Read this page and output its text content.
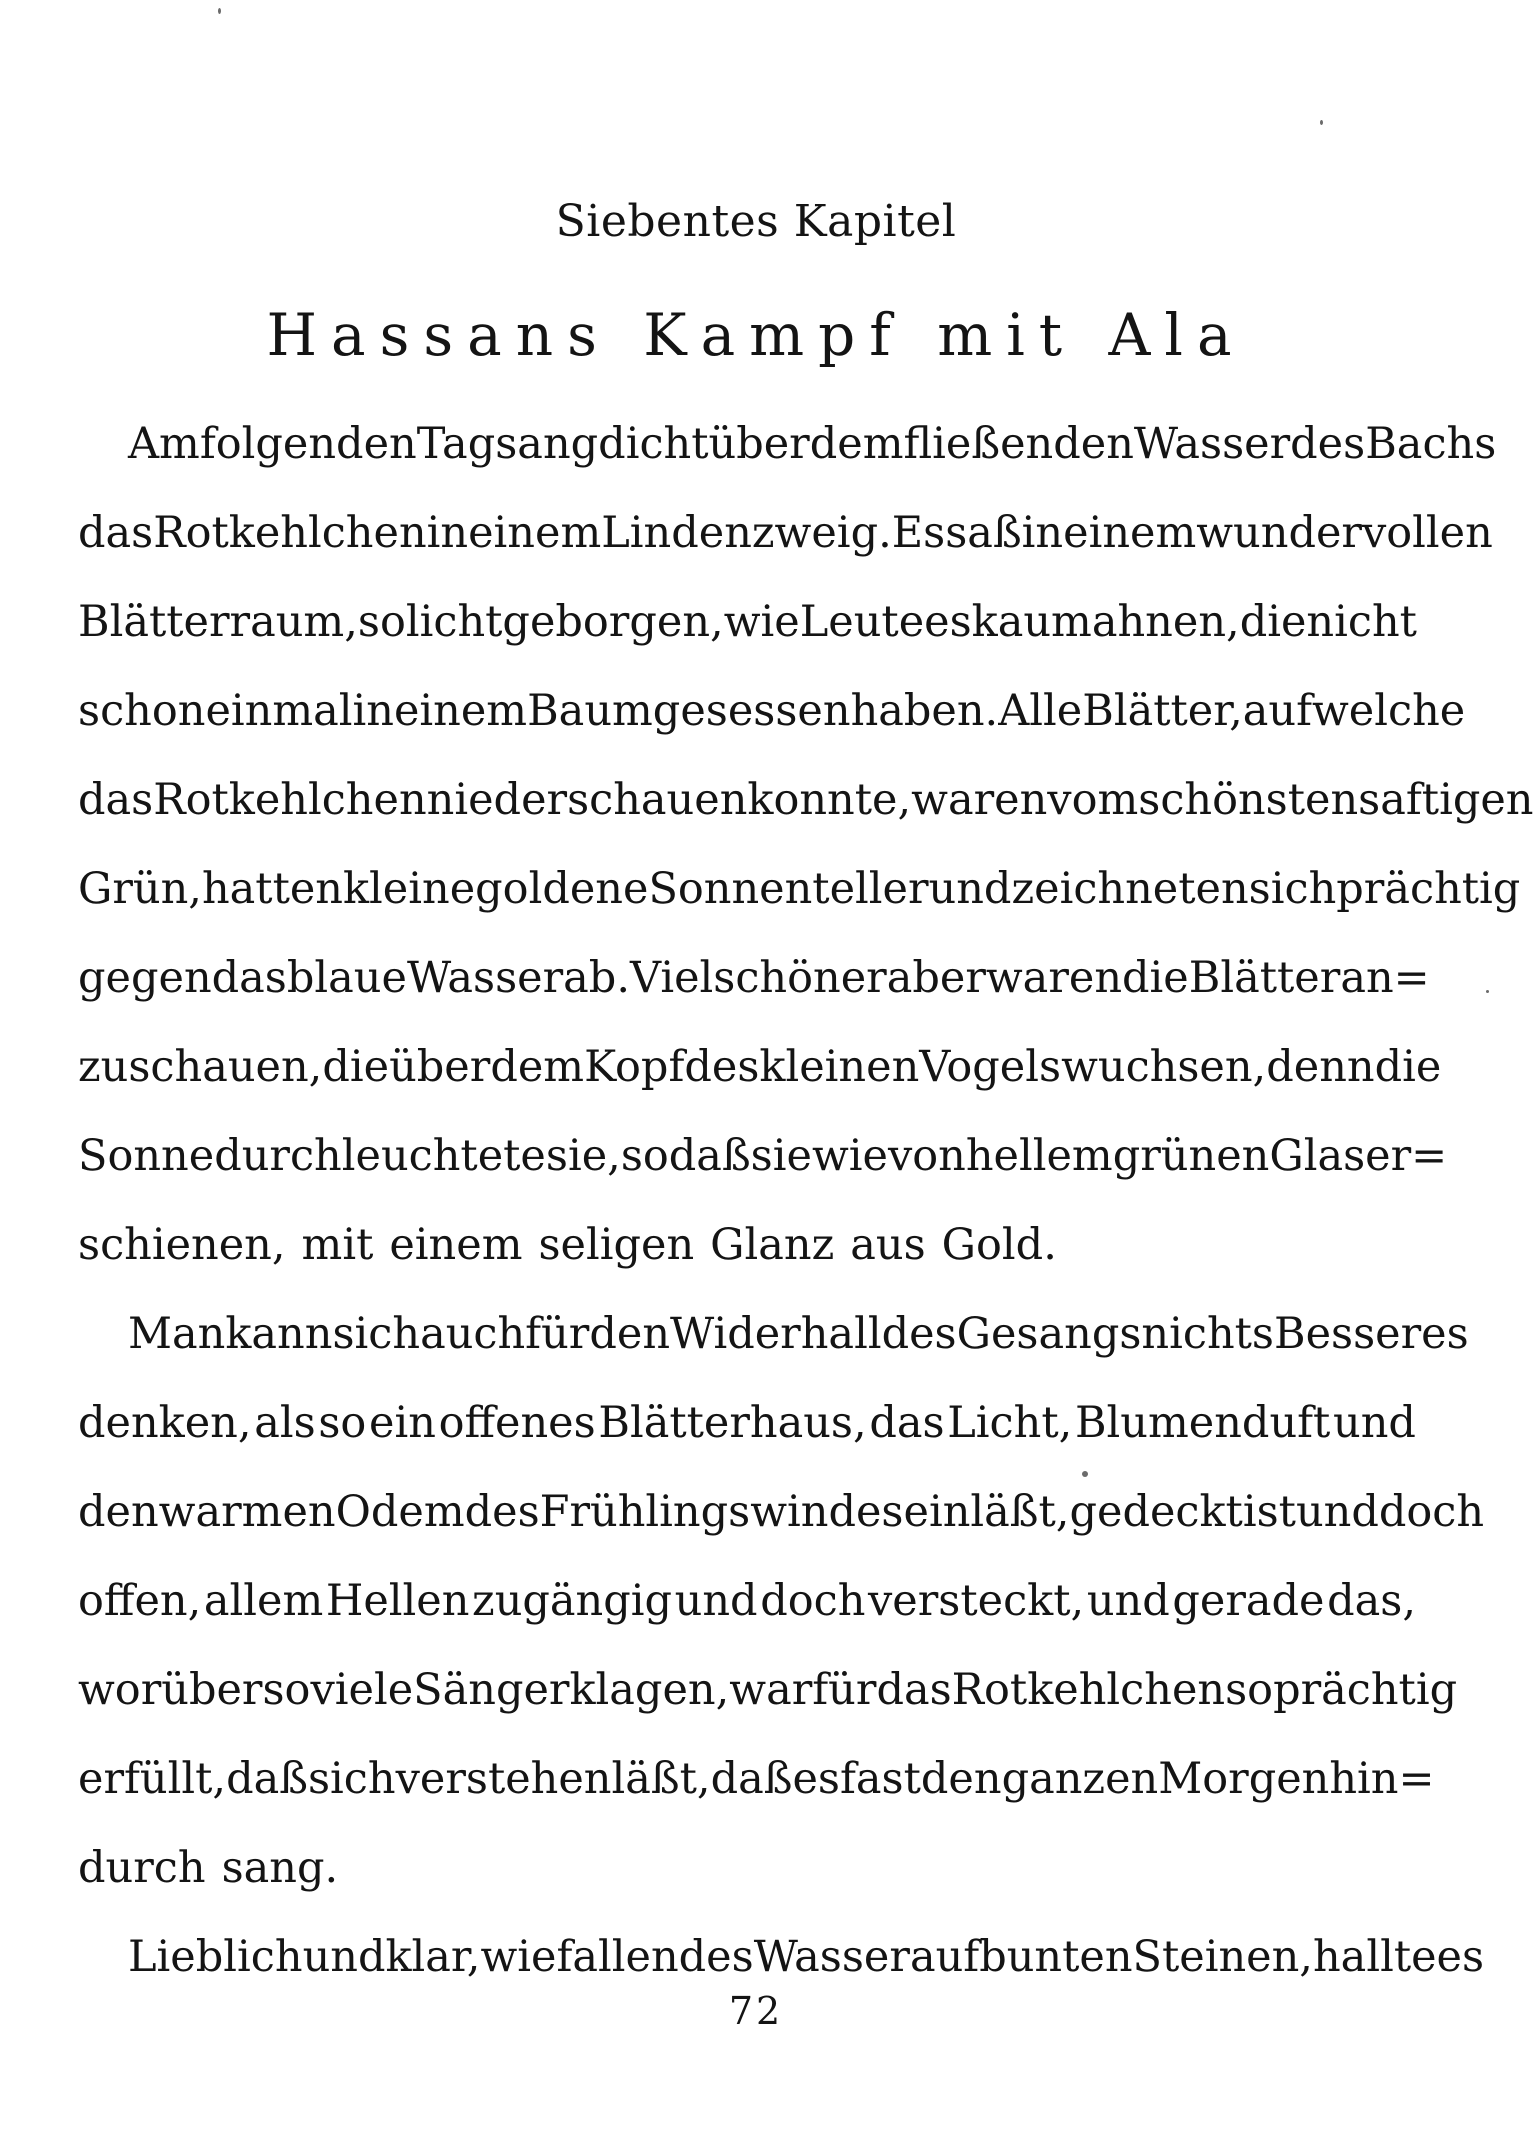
Siebentes Kapitel
Hassans Kampf mit Ala
Am folgenden Tag sang dicht über dem fließenden Wasser des Bachs
das Rotkehlchen in einem Lindenzweig. Es saß in einem wundervollen
Blätterraum, so licht geborgen, wie Leute es kaum ahnen, die nicht
schon einmal in einem Baum gesessen haben. Alle Blätter, auf welche
das Rotkehlchen niederschauen konnte, waren vom schönsten saftigen
Grün, hatten kleine goldene Sonnenteller und zeichneten sich prächtig
gegen das blaue Wasser ab. Viel schöner aber waren die Blätter an=
zuschauen, die über dem Kopf des kleinen Vogels wuchsen, denn die
Sonne durchleuchtete sie, so daß sie wie von hellem grünen Glas er=
schienen, mit einem seligen Glanz aus Gold.
Man kann sich auch für den Widerhall des Gesangs nichts Besseres
denken, als so ein offenes Blätterhaus, das Licht, Blumenduft und
den warmen Odem des Frühlingswindes einläßt, gedeckt ist und doch
offen, allem Hellen zugängig und doch versteckt, und gerade das,
worüber so viele Sänger klagen, war für das Rotkehlchen so prächtig
erfüllt, daß sich verstehen läßt, daß es fast den ganzen Morgen hin=
durch sang.
Lieblich und klar, wie fallendes Wasser auf bunten Steinen, hallte es
72
